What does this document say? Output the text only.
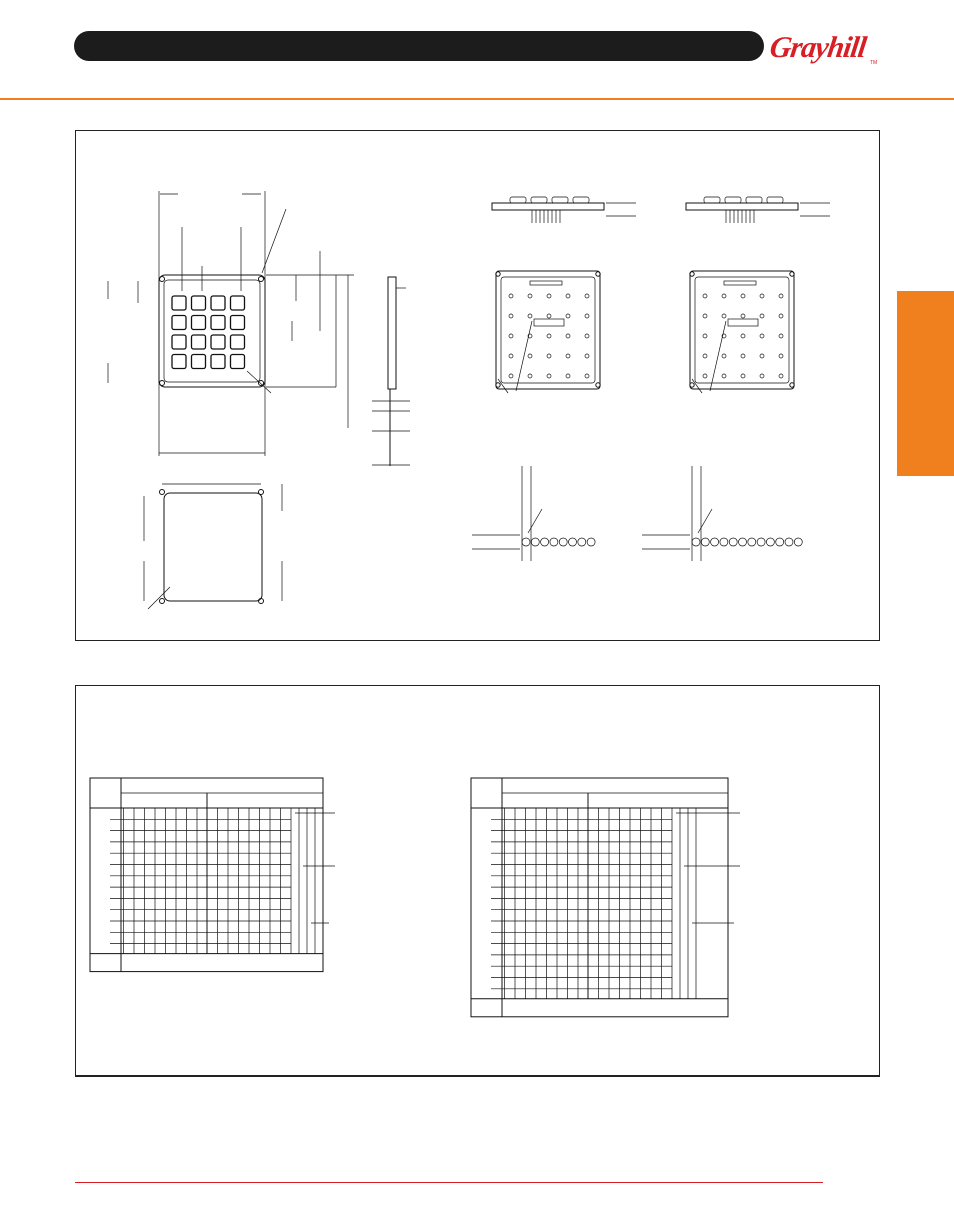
Grayhill TM
